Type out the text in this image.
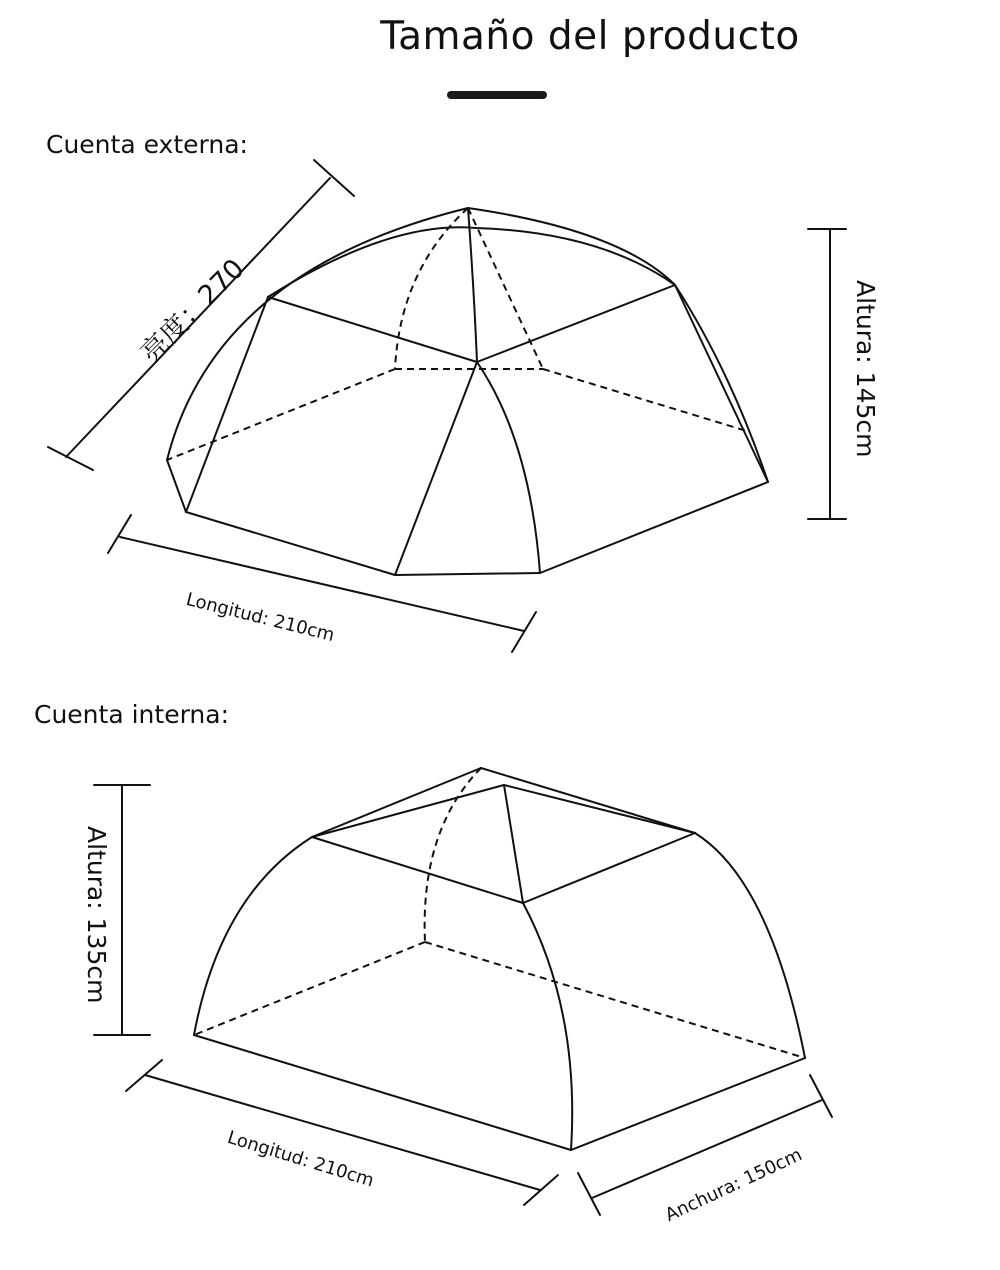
Tamaño del producto
Cuenta externa:
Cuenta interna:
亮度：270	Altura: 145cm
Longitud: 210cm
Altura: 135cm
Longitud: 210cm	Anchura: 150cm
